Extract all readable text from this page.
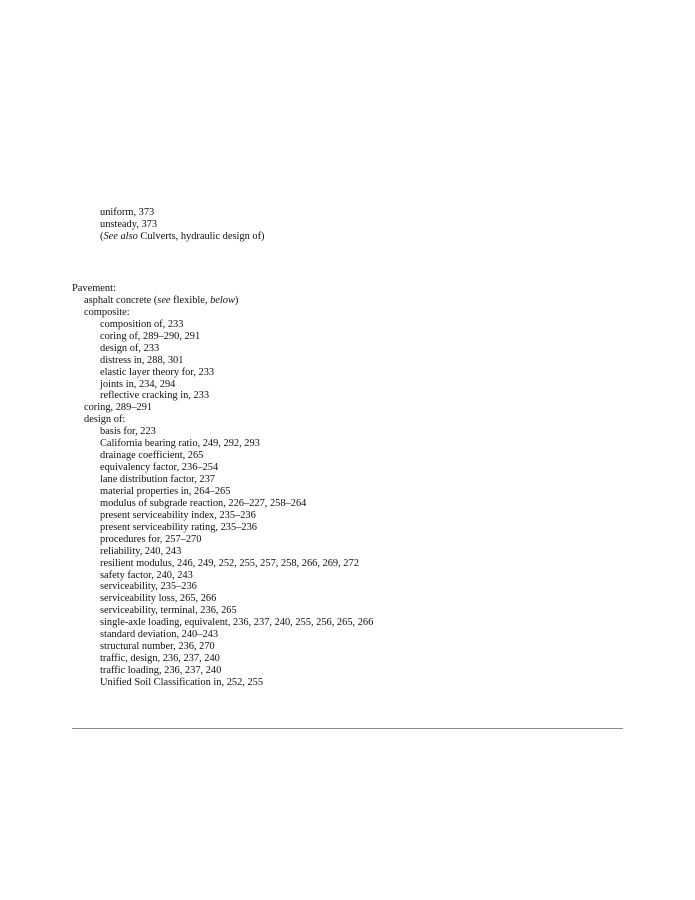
uniform, 373
unsteady, 373
(See also Culverts, hydraulic design of)
Pavement:
asphalt concrete (see flexible, below)
composite:
composition of, 233
coring of, 289–290, 291
design of, 233
distress in, 288, 301
elastic layer theory for, 233
joints in, 234, 294
reflective cracking in, 233
coring, 289–291
design of:
basis for, 223
California bearing ratio, 249, 292, 293
drainage coefficient, 265
equivalency factor, 236–254
lane distribution factor, 237
material properties in, 264–265
modulus of subgrade reaction, 226–227, 258–264
present serviceability index, 235–236
present serviceability rating, 235–236
procedures for, 257–270
reliability, 240, 243
resilient modulus, 246, 249, 252, 255, 257, 258, 266, 269, 272
safety factor, 240, 243
serviceability, 235–236
serviceability loss, 265, 266
serviceability, terminal, 236, 265
single-axle loading, equivalent, 236, 237, 240, 255, 256, 265, 266
standard deviation, 240–243
structural number, 236, 270
traffic, design, 236, 237, 240
traffic loading, 236, 237, 240
Unified Soil Classification in, 252, 255
